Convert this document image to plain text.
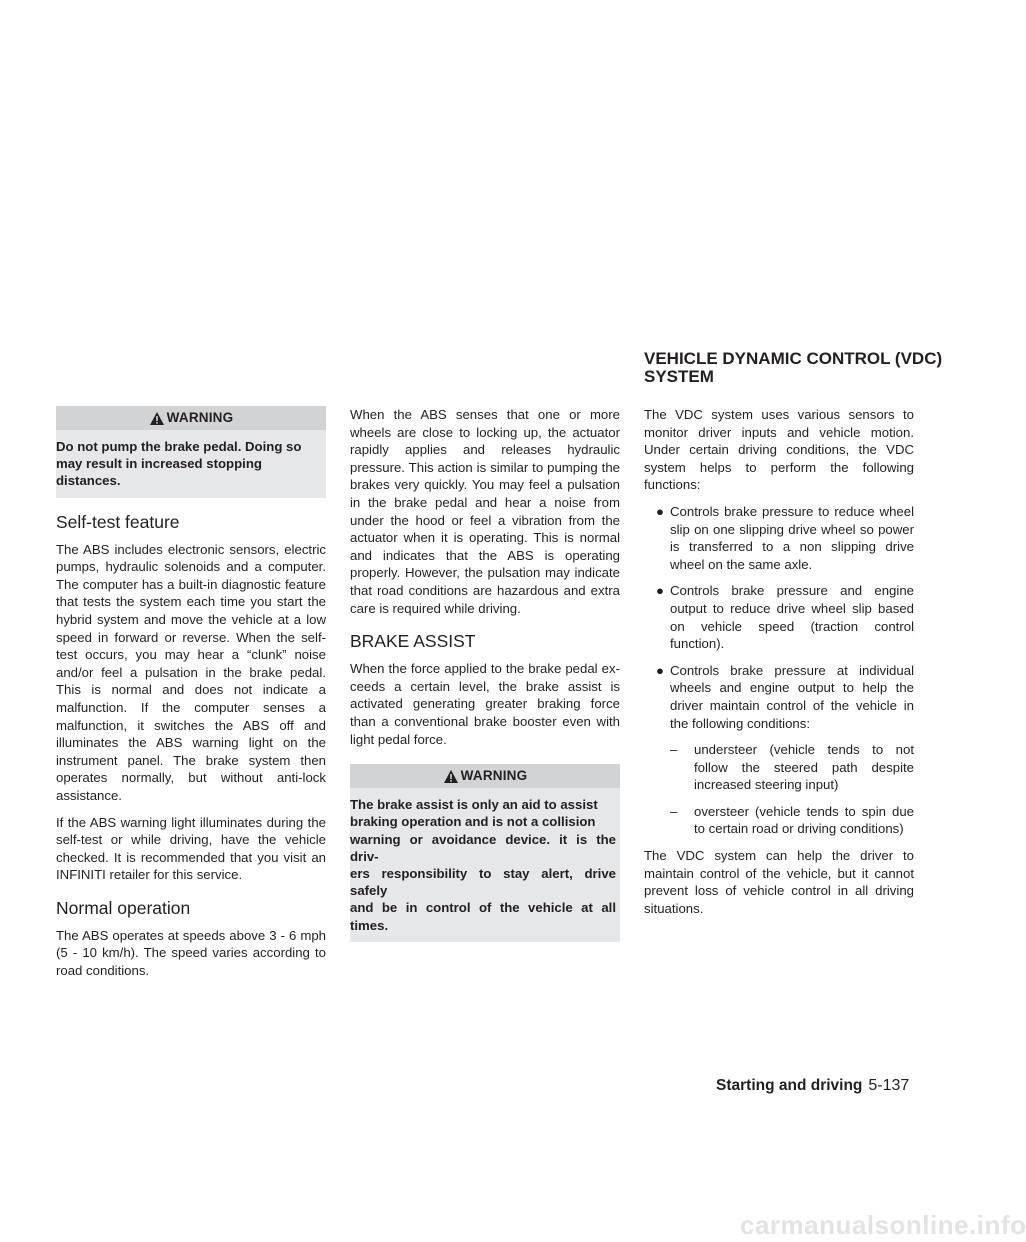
VEHICLE DYNAMIC CONTROL (VDC)
SYSTEM
WARNING
Do not pump the brake pedal. Doing so
may result in increased stopping
distances.
Self-test feature

The ABS includes electronic sensors, electric pumps, hydraulic solenoids and a computer. The computer has a built-in diagnostic feature that tests the system each time you start the hybrid system and move the vehicle at a low speed in forward or reverse. When the self-test occurs, you may hear a “clunk” noise and/or feel a pulsation in the brake pedal. This is normal and does not indicate a malfunction. If the computer senses a malfunction, it switches the ABS off and illuminates the ABS warning light on the instrument panel. The brake system then operates normally, but without anti-lock assistance.

If the ABS warning light illuminates during the self-test or while driving, have the vehicle checked. It is recommended that you visit an INFINITI retailer for this service.

Normal operation

The ABS operates at speeds above 3 - 6 mph (5 - 10 km/h). The speed varies according to road conditions.

When the ABS senses that one or more wheels are close to locking up, the actuator rapidly applies and releases hydraulic pressure. This action is similar to pumping the brakes very quickly. You may feel a pulsation in the brake pedal and hear a noise from under the hood or feel a vibration from the actuator when it is operating. This is normal and indicates that the ABS is operating properly. However, the pulsation may indicate that road conditions are hazardous and extra care is required while driving.

BRAKE ASSIST

When the force applied to the brake pedal exceeds a certain level, the brake assist is activated generating greater braking force than a conventional brake booster even with light pedal force.

WARNING
The brake assist is only an aid to assist
braking operation and is not a collision
warning or avoidance device. it is the driv-
ers responsibility to stay alert, drive safely
and be in control of the vehicle at all times.

The VDC system uses various sensors to monitor driver inputs and vehicle motion. Under certain driving conditions, the VDC system helps to perform the following functions:

● Controls brake pressure to reduce wheel slip on one slipping drive wheel so power is transferred to a non slipping drive wheel on the same axle.
● Controls brake pressure and engine output to reduce drive wheel slip based on vehicle speed (traction control function).
● Controls brake pressure at individual wheels and engine output to help the driver maintain control of the vehicle in the following conditions:
– understeer (vehicle tends to not follow the steered path despite increased steering input)
– oversteer (vehicle tends to spin due to certain road or driving conditions)

The VDC system can help the driver to maintain control of the vehicle, but it cannot prevent loss of vehicle control in all driving situations.

Starting and driving 5-137
carmanualsonline.info
